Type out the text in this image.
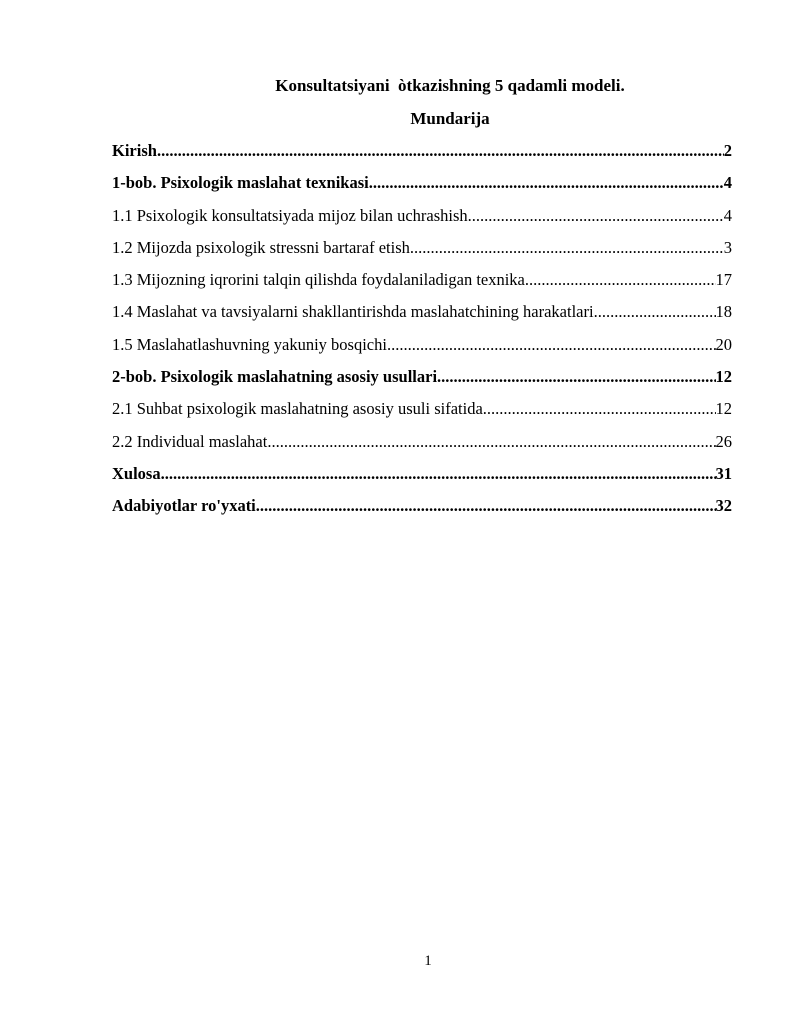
Konsultatsiyani  òtkazishning 5 qadamli modeli.
Mundarija
Kirish .....	2
1-bob. Psixologik maslahat texnikasi .....	4
1.1 Psixologik konsultatsiyada mijoz bilan uchrashish .....	4
1.2 Mijozda psixologik stressni bartaraf etish .....	3
1.3 Mijozning iqrorini talqin qilishda foydalaniladigan texnika .....	17
1.4 Maslahat va tavsiyalarni shakllantirishda maslahatchining harakatlari .....	18
1.5 Maslahatlashuvning yakuniy bosqichi .....	20
2-bob. Psixologik maslahatning asosiy usullari .....	12
2.1 Suhbat psixologik maslahatning asosiy usuli sifatida .....	12
2.2 Individual maslahat .....	26
Xulosa .....	31
Adabiyotlar ro'yxati .....	32
1
